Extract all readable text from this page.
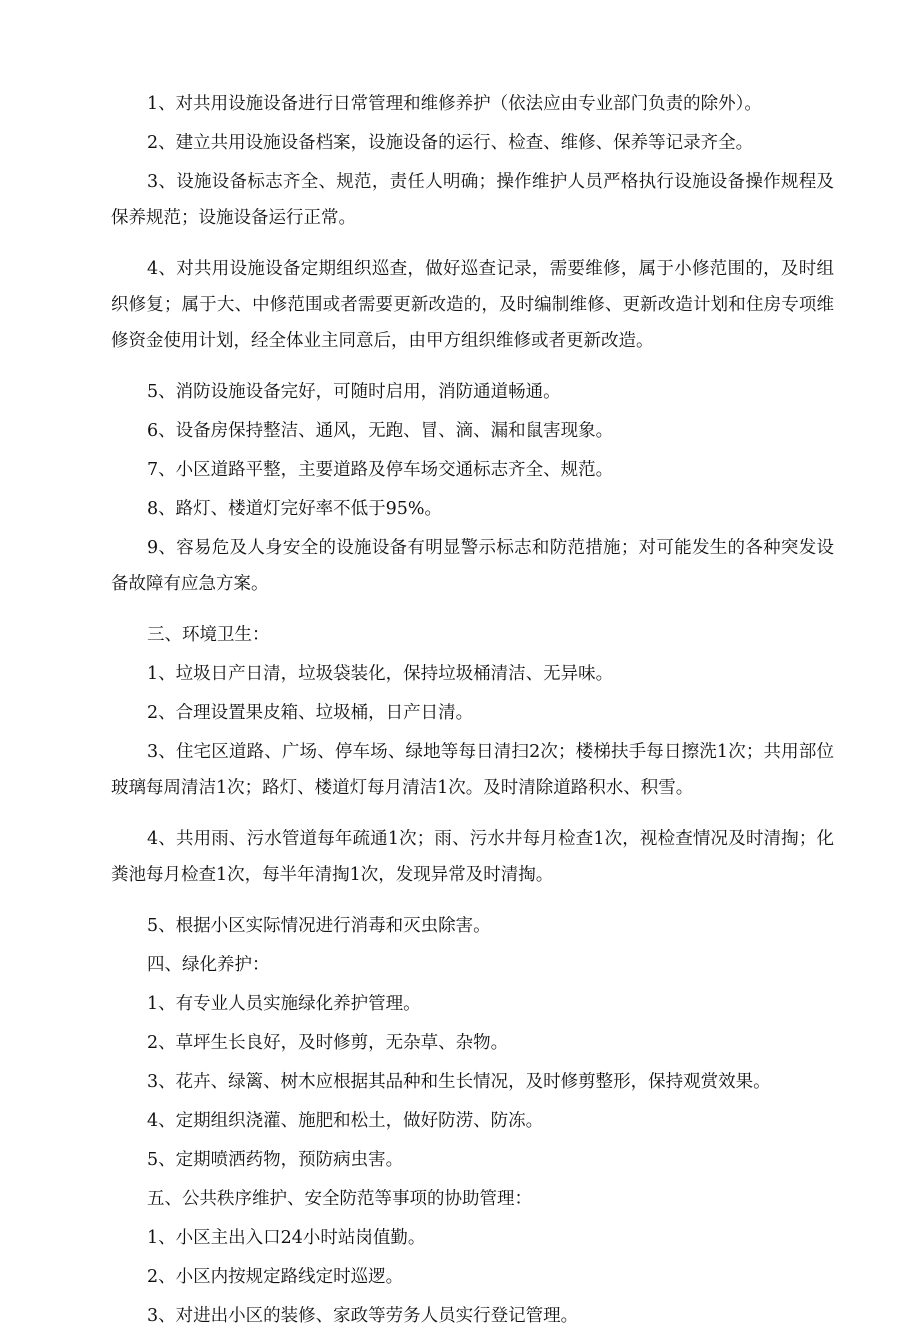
1、对共用设施设备进行日常管理和维修养护（依法应由专业部门负责的除外）。

2、建立共用设施设备档案，设施设备的运行、检查、维修、保养等记录齐全。

3、设施设备标志齐全、规范，责任人明确；操作维护人员严格执行设施设备操作规程及保养规范；设施设备运行正常。

4、对共用设施设备定期组织巡查，做好巡查记录，需要维修，属于小修范围的，及时组织修复；属于大、中修范围或者需要更新改造的，及时编制维修、更新改造计划和住房专项维修资金使用计划，经全体业主同意后，由甲方组织维修或者更新改造。

5、消防设施设备完好，可随时启用，消防通道畅通。

6、设备房保持整洁、通风，无跑、冒、滴、漏和鼠害现象。

7、小区道路平整，主要道路及停车场交通标志齐全、规范。

8、路灯、楼道灯完好率不低于95%。

9、容易危及人身安全的设施设备有明显警示标志和防范措施；对可能发生的各种突发设备故障有应急方案。

三、环境卫生：

1、垃圾日产日清，垃圾袋装化，保持垃圾桶清洁、无异味。

2、合理设置果皮箱、垃圾桶，日产日清。

3、住宅区道路、广场、停车场、绿地等每日清扫2次；楼梯扶手每日擦洗1次；共用部位玻璃每周清洁1次；路灯、楼道灯每月清洁1次。及时清除道路积水、积雪。

4、共用雨、污水管道每年疏通1次；雨、污水井每月检查1次，视检查情况及时清掏；化粪池每月检查1次，每半年清掏1次，发现异常及时清掏。

5、根据小区实际情况进行消毒和灭虫除害。

四、绿化养护：

1、有专业人员实施绿化养护管理。

2、草坪生长良好，及时修剪，无杂草、杂物。

3、花卉、绿篱、树木应根据其品种和生长情况，及时修剪整形，保持观赏效果。

4、定期组织浇灌、施肥和松土，做好防涝、防冻。

5、定期喷洒药物，预防病虫害。

五、公共秩序维护、安全防范等事项的协助管理：

1、小区主出入口24小时站岗值勤。

2、小区内按规定路线定时巡逻。

3、对进出小区的装修、家政等劳务人员实行登记管理。
